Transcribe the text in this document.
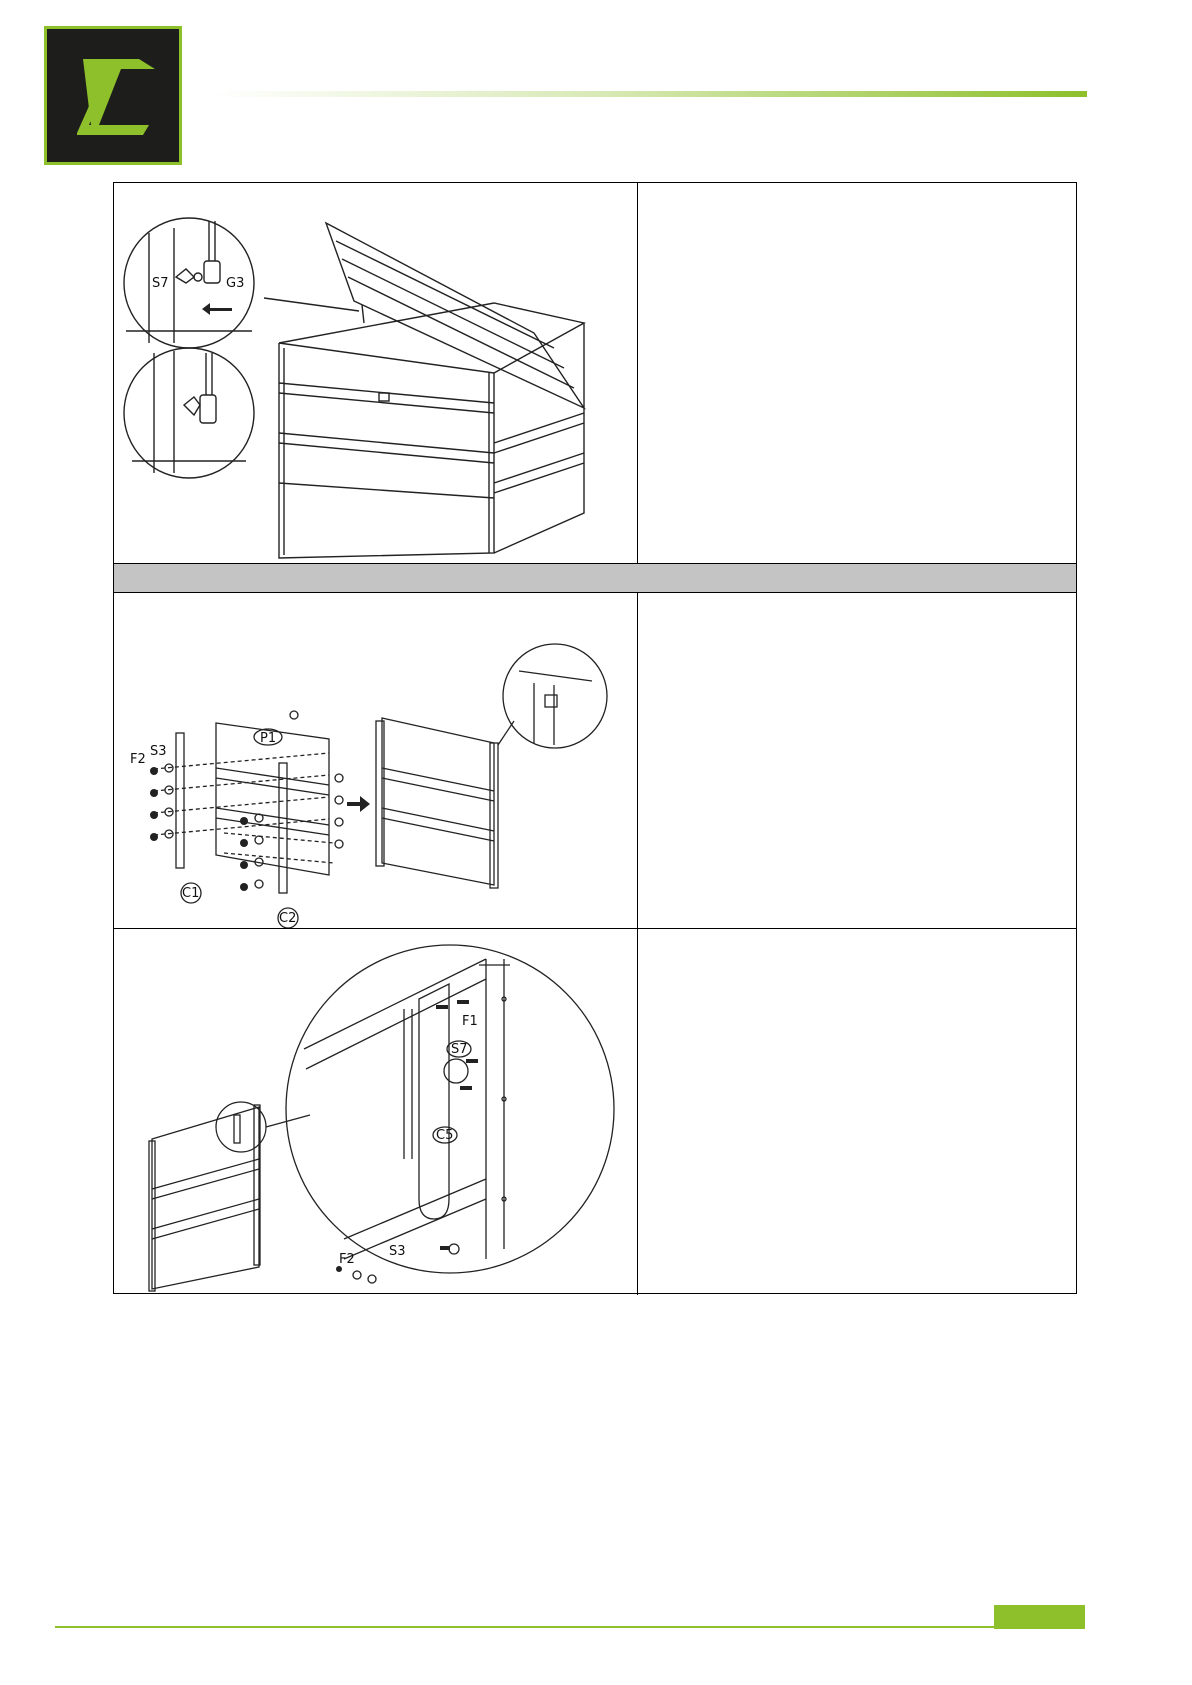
S7	G3
F2
S3
P1
C1
C2
F1
S7
C5
F2
S3
